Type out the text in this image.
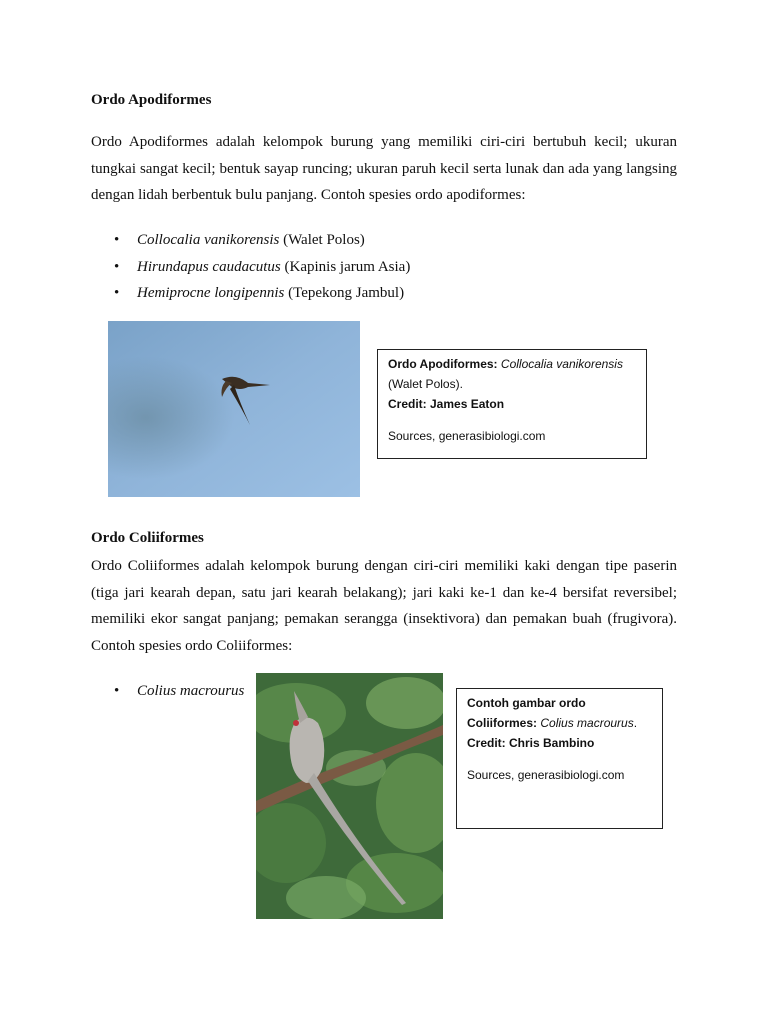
Ordo Apodiformes
Ordo Apodiformes adalah kelompok burung yang memiliki ciri-ciri bertubuh kecil; ukuran
tungkai sangat kecil; bentuk sayap runcing; ukuran paruh kecil serta lunak dan ada yang langsing
dengan lidah berbentuk bulu panjang. Contoh spesies ordo apodiformes:
• Collocalia vanikorensis (Walet Polos)
• Hirundapus caudacutus (Kapinis jarum Asia)
• Hemiprocne longipennis (Tepekong Jambul)
Ordo Apodiformes: Collocalia vanikorensis
(Walet Polos).
Credit: James Eaton
Sources, generasibiologi.com
Ordo Coliiformes
Ordo Coliiformes adalah kelompok burung dengan ciri-ciri memiliki kaki dengan tipe paserin
(tiga jari kearah depan, satu jari kearah belakang); jari kaki ke-1 dan ke-4 bersifat reversibel;
memiliki ekor sangat panjang; pemakan serangga (insektivora) dan pemakan buah (frugivora).
Contoh spesies ordo Coliiformes:
• Colius macrourus
Contoh gambar ordo
Coliiformes: Colius macrourus.
Credit: Chris Bambino
Sources, generasibiologi.com
